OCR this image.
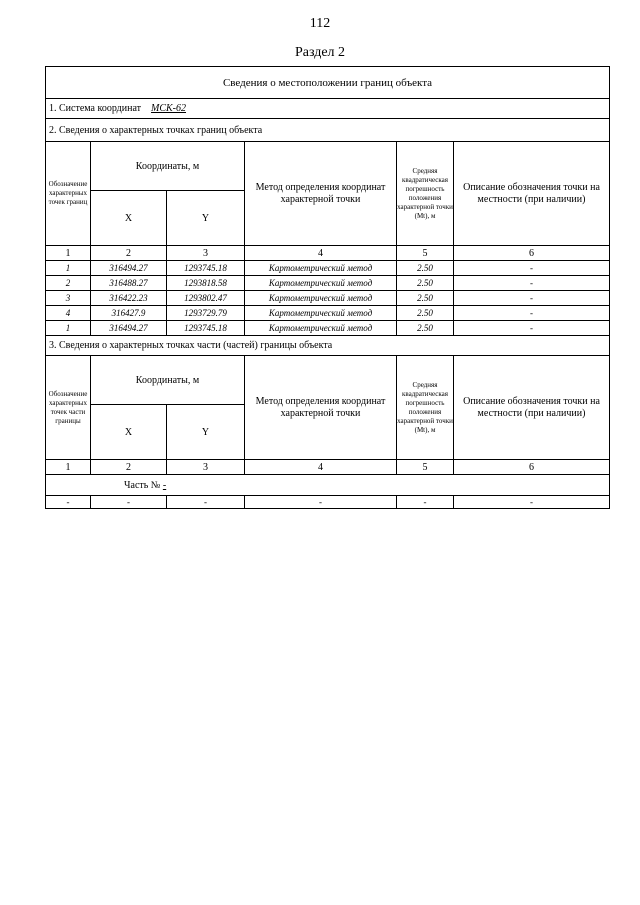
112
Раздел 2
Сведения о местоположении границ объекта					
1. Система координат МСК-62					
2. Сведения о характерных точках границ объекта					
Обозначение характерных точек границ	Координаты, м		Метод определения координат характерной точки	Средняя квадратическая погрешность положения характерной точки (Мt), м	Описание обозначения точки на местности (при наличии)
	X	Y			
1	2	3	4	5	6
1	316494.27	1293745.18	Картометрический метод	2.50	-
2	316488.27	1293818.58	Картометрический метод	2.50	-
3	316422.23	1293802.47	Картометрический метод	2.50	-
4	316427.9	1293729.79	Картометрический метод	2.50	-
1	316494.27	1293745.18	Картометрический метод	2.50	-
3. Сведения о характерных точках части (частей) границы объекта					
Обозначение характерных точек части границы	Координаты, м		Метод определения координат характерной точки	Средняя квадратическая погрешность положения характерной точки (Мt), м	Описание обозначения точки на местности (при наличии)
	X	Y			
1	2	3	4	5	6
Часть № -					
-	-	-	-	-	-
